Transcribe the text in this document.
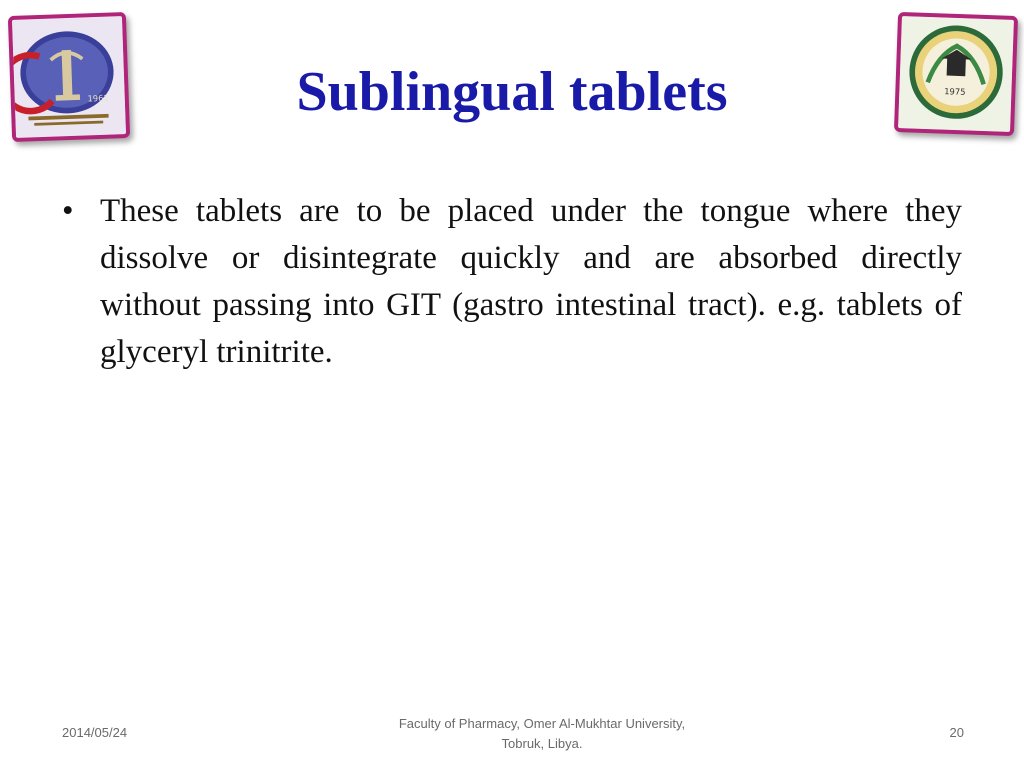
1961	Sublingual tablets	1975
• These tablets are to be placed under the tongue where they dissolve or disintegrate quickly and are absorbed directly without passing into GIT (gastro intestinal tract). e.g. tablets of glyceryl trinitrite.
2014/05/24
Faculty of Pharmacy, Omer Al-Mukhtar University,
Tobruk, Libya.
20
